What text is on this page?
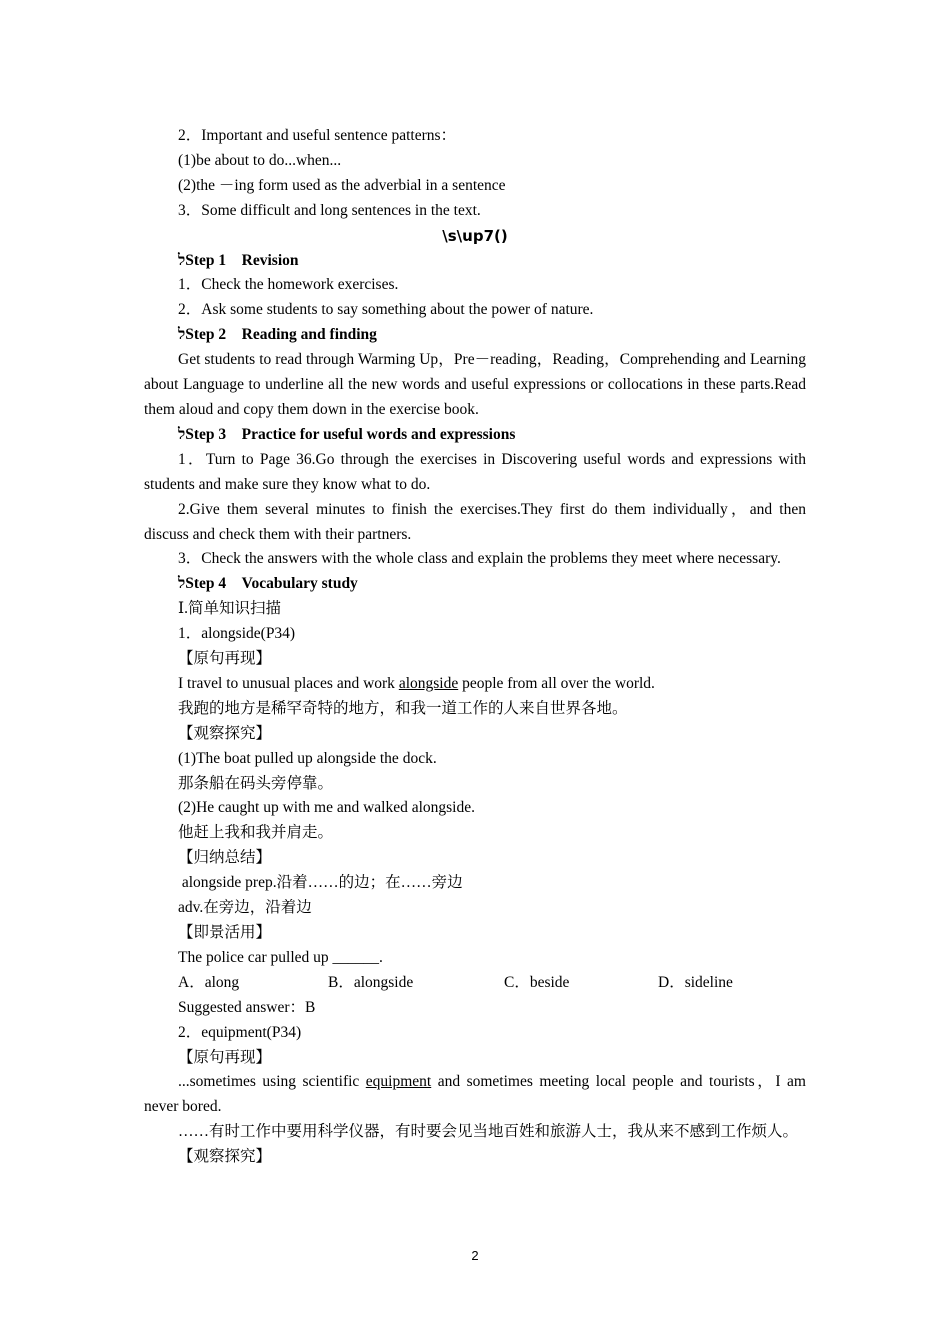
2．Important and useful sentence patterns：

(1)be about to do...when...

(2)the －ing form used as the adverbial in a sentence

3．Some difficult and long sentences in the text.

\s\up7()

לStep 1　Revision

1．Check the homework exercises.

2．Ask some students to say something about the power of nature.

לStep 2　Reading and finding

Get students to read through Warming Up，Pre－reading，Reading，Comprehending and Learning about Language to underline all the new words and useful expressions or collocations in these parts.Read them aloud and copy them down in the exercise book.

לStep 3　Practice for useful words and expressions

1．Turn to Page 36.Go through the exercises in Discovering useful words and expressions with students and make sure they know what to do.

2.Give them several minutes to finish the exercises.They first do them individually，and then discuss and check them with their partners.

3．Check the answers with the whole class and explain the problems they meet where necessary.

לStep 4　Vocabulary study

Ⅰ.简单知识扫描

1．alongside(P34)

【原句再现】

I travel to unusual places and work alongside people from all over the world.

我跑的地方是稀罕奇特的地方，和我一道工作的人来自世界各地。

【观察探究】

(1)The boat pulled up alongside the dock.

那条船在码头旁停靠。

(2)He caught up with me and walked alongside.

他赶上我和我并肩走。

【归纳总结】

alongside prep.沿着……的边；在……旁边

adv.在旁边，沿着边

【即景活用】

The police car pulled up ______.

A．along	B．alongside	C．beside	D．sideline

Suggested answer：B

2．equipment(P34)

【原句再现】

...sometimes using scientific equipment and sometimes meeting local people and tourists，I am never bored.

……有时工作中要用科学仪器，有时要会见当地百姓和旅游人士，我从来不感到工作烦人。

【观察探究】

2
